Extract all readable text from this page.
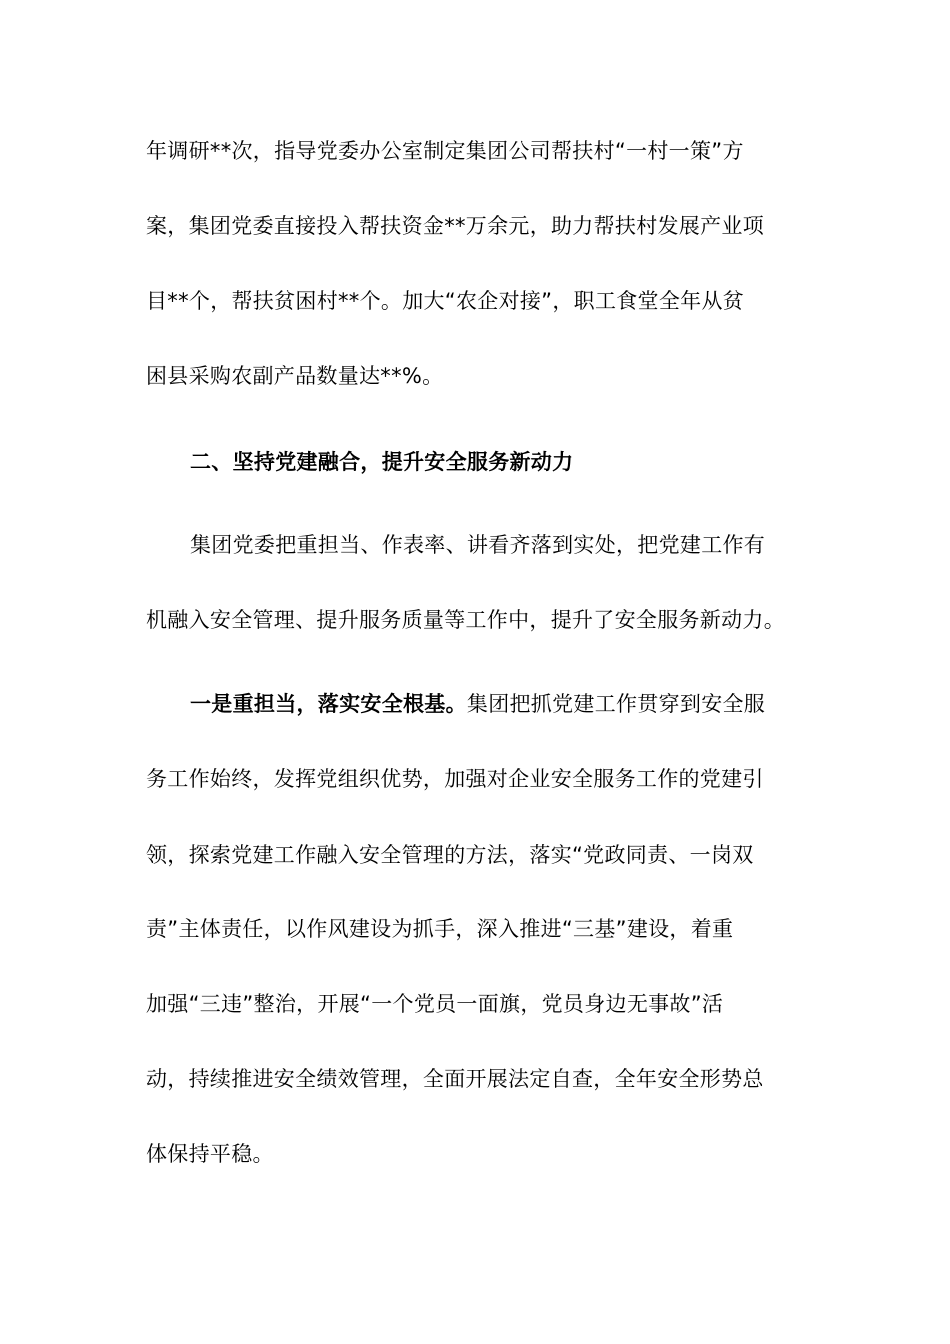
年调研**次，指导党委办公室制定集团公司帮扶村“一村一策”方
案，集团党委直接投入帮扶资金**万余元，助力帮扶村发展产业项
目**个，帮扶贫困村**个。加大“农企对接”，职工食堂全年从贫
困县采购农副产品数量达**%。
二、坚持党建融合，提升安全服务新动力
集团党委把重担当、作表率、讲看齐落到实处，把党建工作有
机融入安全管理、提升服务质量等工作中，提升了安全服务新动力。
一是重担当，落实安全根基。集团把抓党建工作贯穿到安全服
务工作始终，发挥党组织优势，加强对企业安全服务工作的党建引
领，探索党建工作融入安全管理的方法，落实“党政同责、一岗双
责”主体责任，以作风建设为抓手，深入推进“三基”建设，着重
加强“三违”整治，开展“一个党员一面旗，党员身边无事故”活
动，持续推进安全绩效管理，全面开展法定自查，全年安全形势总
体保持平稳。
